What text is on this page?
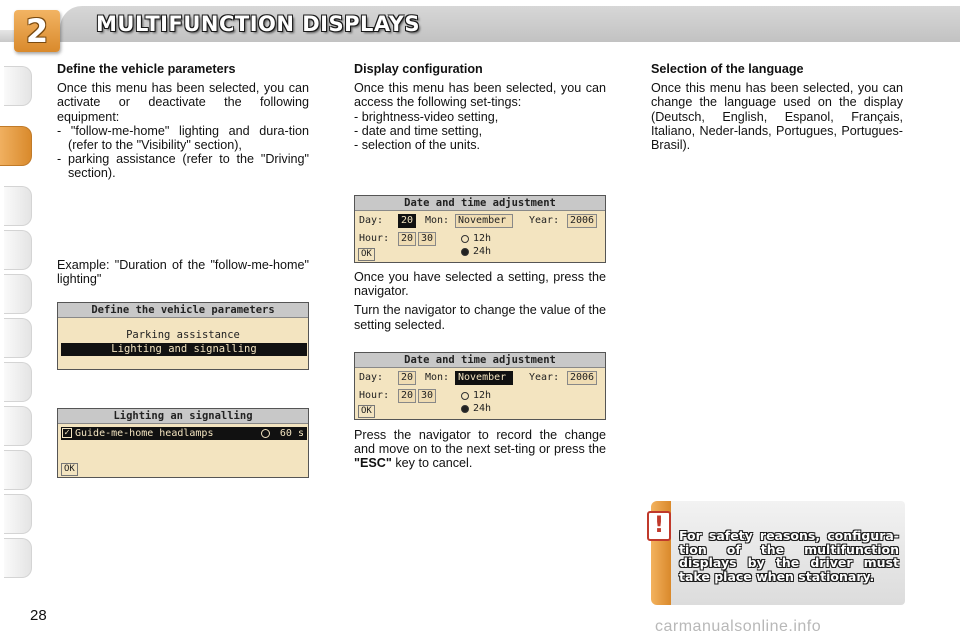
2 MULTIFUNCTION DISPLAYS
Define the vehicle parameters
Once this menu has been selected, you can activate or deactivate the following equipment:
- "follow-me-home" lighting and dura-tion (refer to the "Visibility" section),
- parking assistance (refer to the "Driving" section).
Example: "Duration of the "follow-me-home" lighting"
Define the vehicle parameters
Parking assistance
Lighting and signalling
Lighting an signalling
✓ Guide-me-home headlamps	60 s
OK
Display configuration
Once this menu has been selected, you can access the following set-tings:
- brightness-video setting,
- date and time setting,
- selection of the units.
Date and time adjustment
Day:	20	Mon: November	Year:	2006
Hour:	20 30	12h
24h
OK
Once you have selected a setting, press the navigator.
Turn the navigator to change the value of the setting selected.
Date and time adjustment
Day:	20	Mon: November	Year:	2006
Hour:	20 30	12h
24h
OK
Press the navigator to record the change and move on to the next set-ting or press the "ESC" key to cancel.
Selection of the language
Once this menu has been selected, you can change the language used on the display (Deutsch, English, Espanol, Français, Italiano, Neder-lands, Portugues, Portugues-Brasil).
!	For safety reasons, configura-tion of the multifunction displays by the driver must take place when stationary.
28
carmanualsonline.info
